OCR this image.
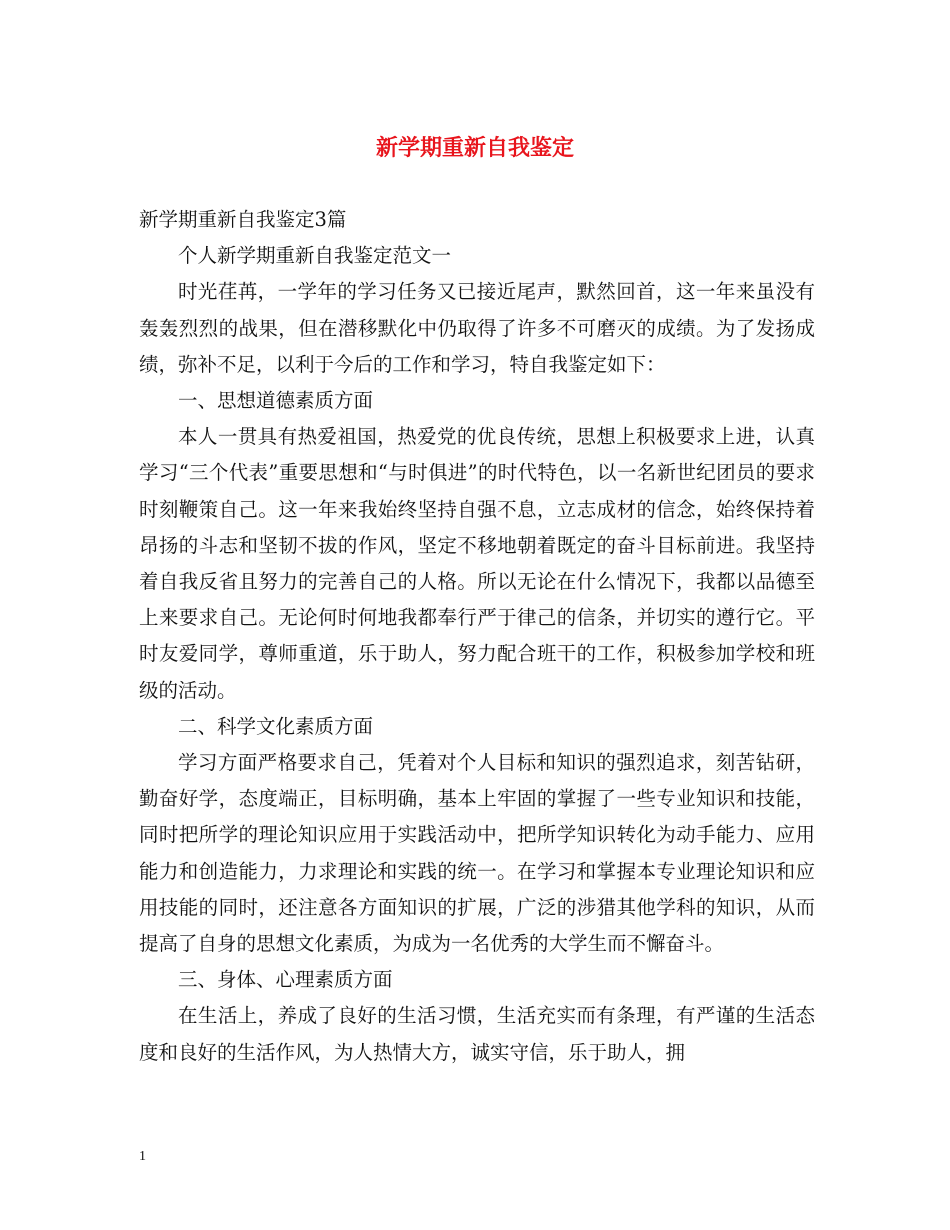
新学期重新自我鉴定

新学期重新自我鉴定3篇

个人新学期重新自我鉴定范文一

时光荏苒，一学年的学习任务又已接近尾声，默然回首，这一年来虽没有轰轰烈烈的战果，但在潜移默化中仍取得了许多不可磨灭的成绩。为了发扬成绩，弥补不足，以利于今后的工作和学习，特自我鉴定如下：

一、思想道德素质方面

本人一贯具有热爱祖国，热爱党的优良传统，思想上积极要求上进，认真学习“三个代表”重要思想和“与时俱进”的时代特色，以一名新世纪团员的要求时刻鞭策自己。这一年来我始终坚持自强不息，立志成材的信念，始终保持着昂扬的斗志和坚韧不拔的作风，坚定不移地朝着既定的奋斗目标前进。我坚持着自我反省且努力的完善自己的人格。所以无论在什么情况下，我都以品德至上来要求自己。无论何时何地我都奉行严于律己的信条，并切实的遵行它。平时友爱同学，尊师重道，乐于助人，努力配合班干的工作，积极参加学校和班级的活动。

二、科学文化素质方面

学习方面严格要求自己，凭着对个人目标和知识的强烈追求，刻苦钻研，勤奋好学，态度端正，目标明确，基本上牢固的掌握了一些专业知识和技能，同时把所学的理论知识应用于实践活动中，把所学知识转化为动手能力、应用能力和创造能力，力求理论和实践的统一。在学习和掌握本专业理论知识和应用技能的同时，还注意各方面知识的扩展，广泛的涉猎其他学科的知识，从而提高了自身的思想文化素质，为成为一名优秀的大学生而不懈奋斗。

三、身体、心理素质方面

在生活上，养成了良好的生活习惯，生活充实而有条理，有严谨的生活态度和良好的生活作风，为人热情大方，诚实守信，乐于助人，拥

1
